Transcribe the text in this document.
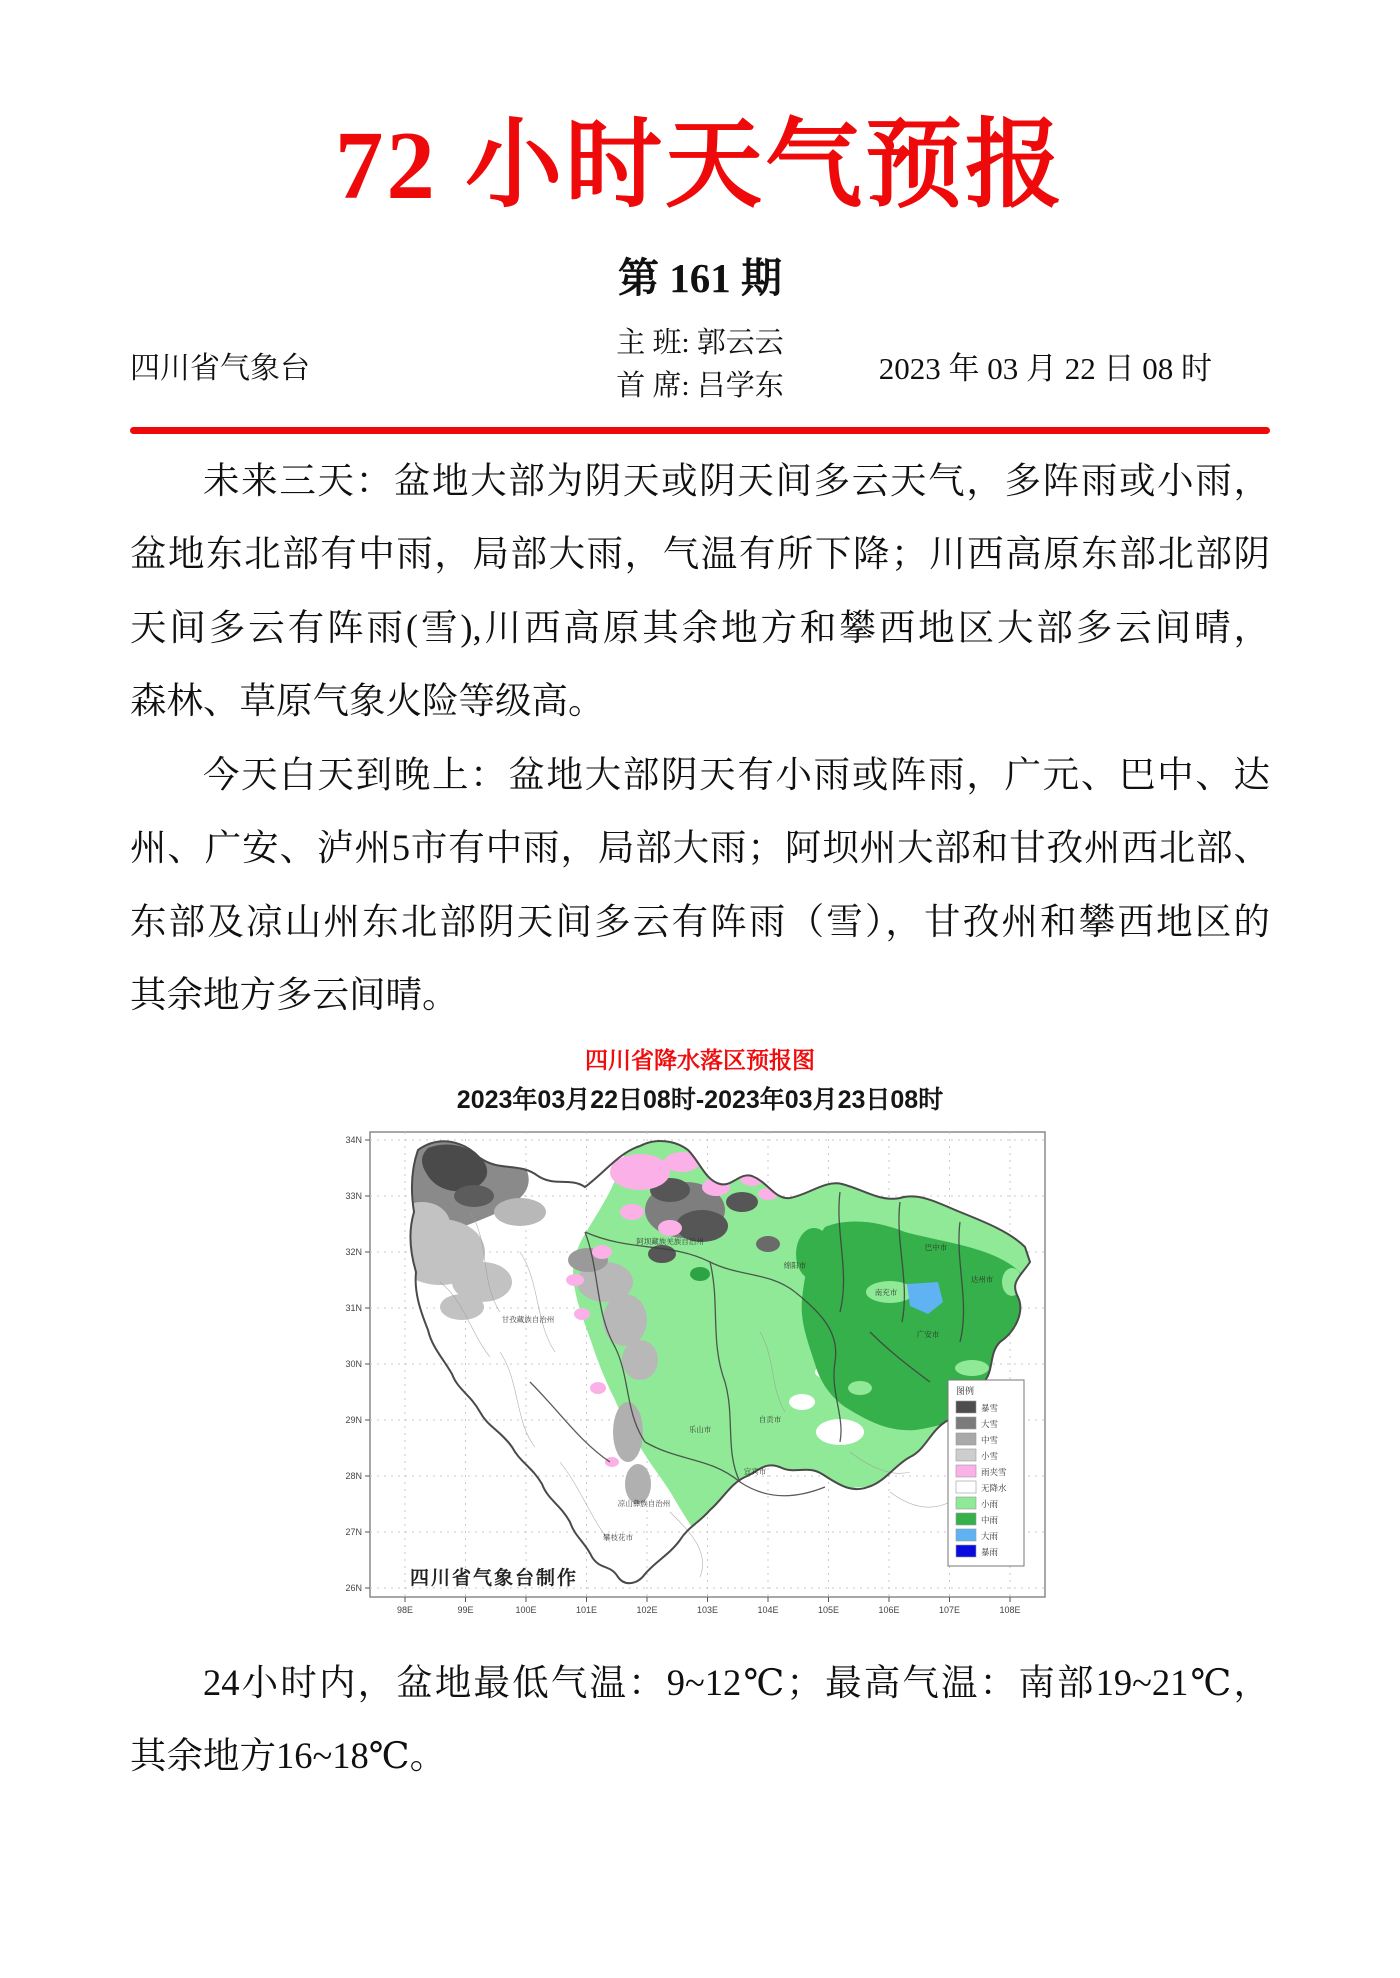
72 小时天气预报
第 161 期
四川省气象台
主 班: 郭云云
首 席: 吕学东
2023 年 03 月 22 日 08 时
未来三天：盆地大部为阴天或阴天间多云天气，多阵雨或小雨，
盆地东北部有中雨，局部大雨，气温有所下降；川西高原东部北部阴
天间多云有阵雨(雪),川西高原其余地方和攀西地区大部多云间晴，
森林、草原气象火险等级高。
今天白天到晚上：盆地大部阴天有小雨或阵雨，广元、巴中、达
州、广安、泸州5市有中雨，局部大雨；阿坝州大部和甘孜州西北部、
东部及凉山州东北部阴天间多云有阵雨（雪），甘孜州和攀西地区的
其余地方多云间晴。
四川省降水落区预报图
2023年03月22日08时-2023年03月23日08时
阿坝藏族羌族自治州
甘孜藏族自治州
凉山彝族自治州
攀枝花市
绵阳市
巴中市
达州市
南充市
广安市
自贡市
乐山市
宜宾市
98E	99E	100E	101E	102E	103E	104E	105E	106E	107E	108E
34N
33N
32N
31N
30N
29N
28N
27N
26N
图例
暴雪
大雪
中雪
小雪
雨夹雪
无降水
小雨
中雨
大雨
暴雨
四川省气象台制作
24小时内，盆地最低气温：9~12℃；最高气温：南部19~21℃，
其余地方16~18℃。
